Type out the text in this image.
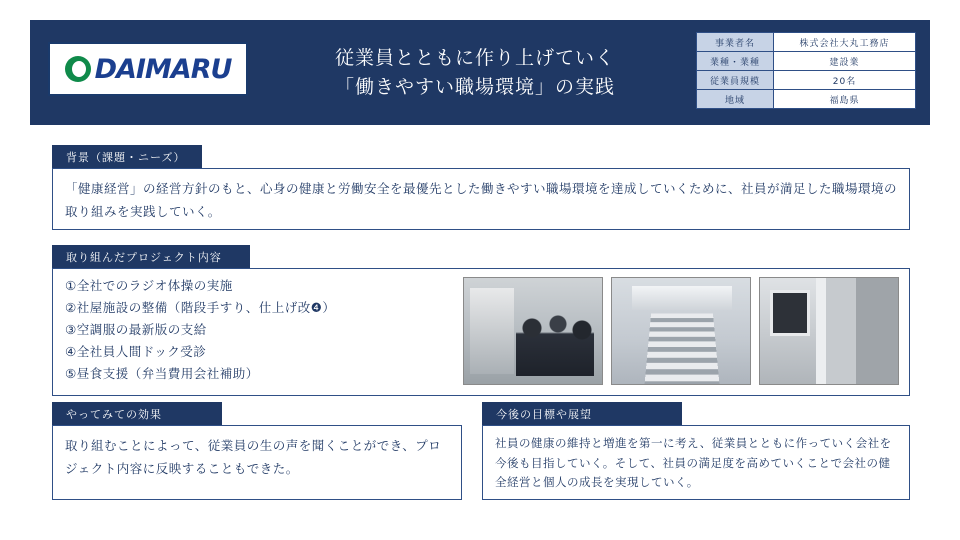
DAIMARU	従業員とともに作り上げていく
「働きやすい職場環境」の実践
事業者名	株式会社大丸工務店
業種・業種	建設業
従業員規模	20名
地域	福島県
背景（課題・ニーズ）

「健康経営」の経営方針のもと、心身の健康と労働安全を最優先とした働きやすい職場環境を達成していくために、社員が満足した職場環境の取り組みを実践していく。

取り組んだプロジェクト内容
①全社でのラジオ体操の実施
②社屋施設の整備（階段手すり、仕上げ改❹）
③空調服の最新版の支給
④全社員人間ドック受診
⑤昼食支援（弁当費用会社補助）
やってみての効果

取り組むことによって、従業員の生の声を聞くことができ、プロジェクト内容に反映することもできた。

今後の目標や展望

社員の健康の維持と増進を第一に考え、従業員とともに作っていく会社を今後も目指していく。そして、社員の満足度を高めていくことで会社の健全経営と個人の成長を実現していく。
